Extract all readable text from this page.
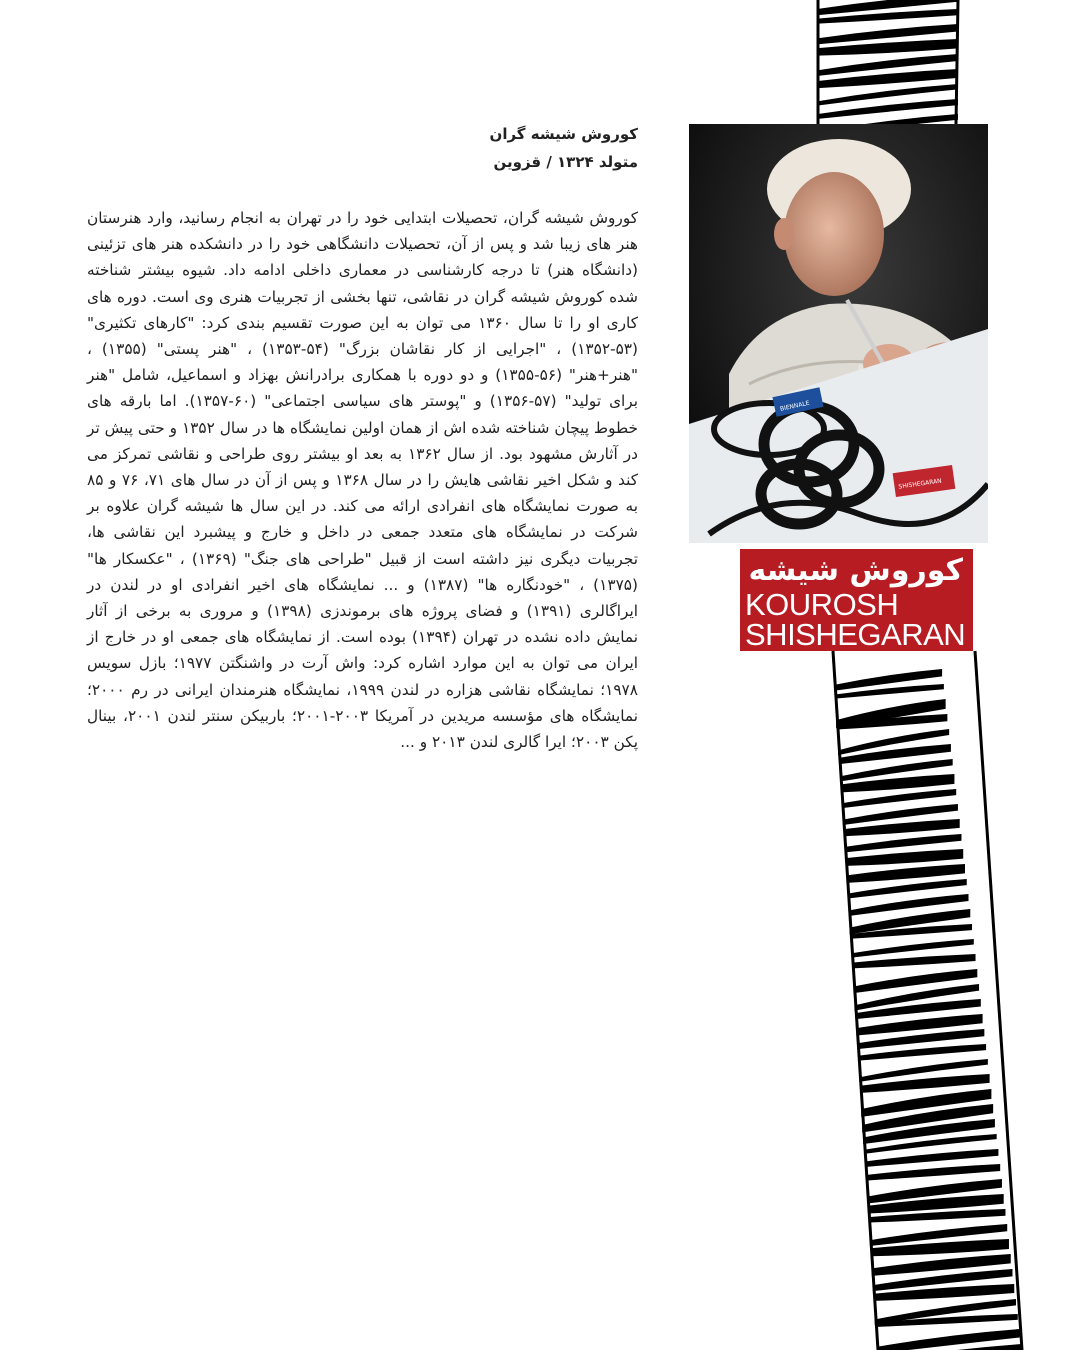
BIENNALE
SHISHEGARAN
کوروش شیشه گران
KOUROSH
SHISHEGARAN
کوروش شیشه گران
متولد ۱۳۲۴ / قزوین

کوروش شیشه گران، تحصیلات ابتدایی خود را در تهران به انجام رسانید، وارد هنرستان هنر های زیبا شد و پس از آن، تحصیلات دانشگاهی خود را در دانشکده هنر های تزئینی (دانشگاه هنر) تا درجه کارشناسی در معماری داخلی ادامه داد. شیوه بیشتر شناخته شده کوروش شیشه گران در نقاشی، تنها بخشی از تجربیات هنری وی است. دوره های کاری او را تا سال ۱۳۶۰ می توان به این صورت تقسیم بندی کرد: "کارهای تکثیری" (۵۳-۱۳۵۲) ، "اجرایی از کار نقاشان بزرگ" (۵۴-۱۳۵۳) ، "هنر پستی" (۱۳۵۵) ، "هنر+هنر" (۵۶-۱۳۵۵) و دو دوره با همکاری برادرانش بهزاد و اسماعیل، شامل "هنر برای تولید" (۵۷-۱۳۵۶) و "پوستر های سیاسی اجتماعی" (۶۰-۱۳۵۷). اما بارقه های خطوط پیچان شناخته شده اش از همان اولین نمایشگاه ها در سال ۱۳۵۲ و حتی پیش تر در آثارش مشهود بود. از سال ۱۳۶۲ به بعد او بیشتر روی طراحی و نقاشی تمرکز می کند و شکل اخیر نقاشی هایش را در سال ۱۳۶۸ و پس از آن در سال های ۷۱، ۷۶ و ۸۵ به صورت نمایشگاه های انفرادی ارائه می کند. در این سال ها شیشه گران علاوه بر شرکت در نمایشگاه های متعدد جمعی در داخل و خارج و پیشبرد این نقاشی ها، تجربیات دیگری نیز داشته است از قبیل "طراحی های جنگ" (۱۳۶۹) ، "عکسکار ها" (۱۳۷۵) ، "خودنگاره ها" (۱۳۸۷) و ... نمایشگاه های اخیر انفرادی او در لندن در ایراگالری (۱۳۹۱) و فضای پروژه های برموندزی (۱۳۹۸) و مروری به برخی از آثار نمایش داده نشده در تهران (۱۳۹۴) بوده است. از نمایشگاه های جمعی او در خارج از ایران می توان به این موارد اشاره کرد: واش آرت در واشنگتن ۱۹۷۷؛ بازل سویس ۱۹۷۸؛ نمایشگاه نقاشی هزاره در لندن ۱۹۹۹، نمایشگاه هنرمندان ایرانی در رم ۲۰۰۰؛ نمایشگاه های مؤسسه مریدین در آمریکا ۲۰۰۳-۲۰۰۱؛ باربیکن سنتر لندن ۲۰۰۱، بینال پکن ۲۰۰۳؛ ایرا گالری لندن ۲۰۱۳ و ...
